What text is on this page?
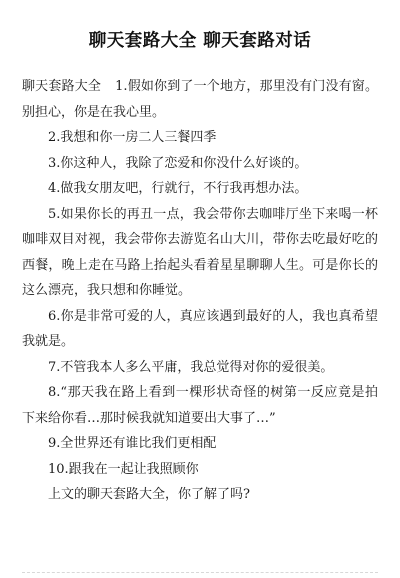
聊天套路大全 聊天套路对话

聊天套路大全 1.假如你到了一个地方，那里没有门没有窗。别担心，你是在我心里。

2.我想和你一房二人三餐四季

3.你这种人，我除了恋爱和你没什么好谈的。

4.做我女朋友吧，行就行，不行我再想办法。

5.如果你长的再丑一点，我会带你去咖啡厅坐下来喝一杯咖啡双目对视，我会带你去游览名山大川，带你去吃最好吃的西餐，晚上走在马路上抬起头看着星星聊聊人生。可是你长的这么漂亮，我只想和你睡觉。

6.你是非常可爱的人，真应该遇到最好的人，我也真希望我就是。

7.不管我本人多么平庸，我总觉得对你的爱很美。

8.“那天我在路上看到一棵形状奇怪的树第一反应竟是拍下来给你看…那时候我就知道要出大事了…”

9.全世界还有谁比我们更相配

10.跟我在一起让我照顾你

上文的聊天套路大全，你了解了吗?
